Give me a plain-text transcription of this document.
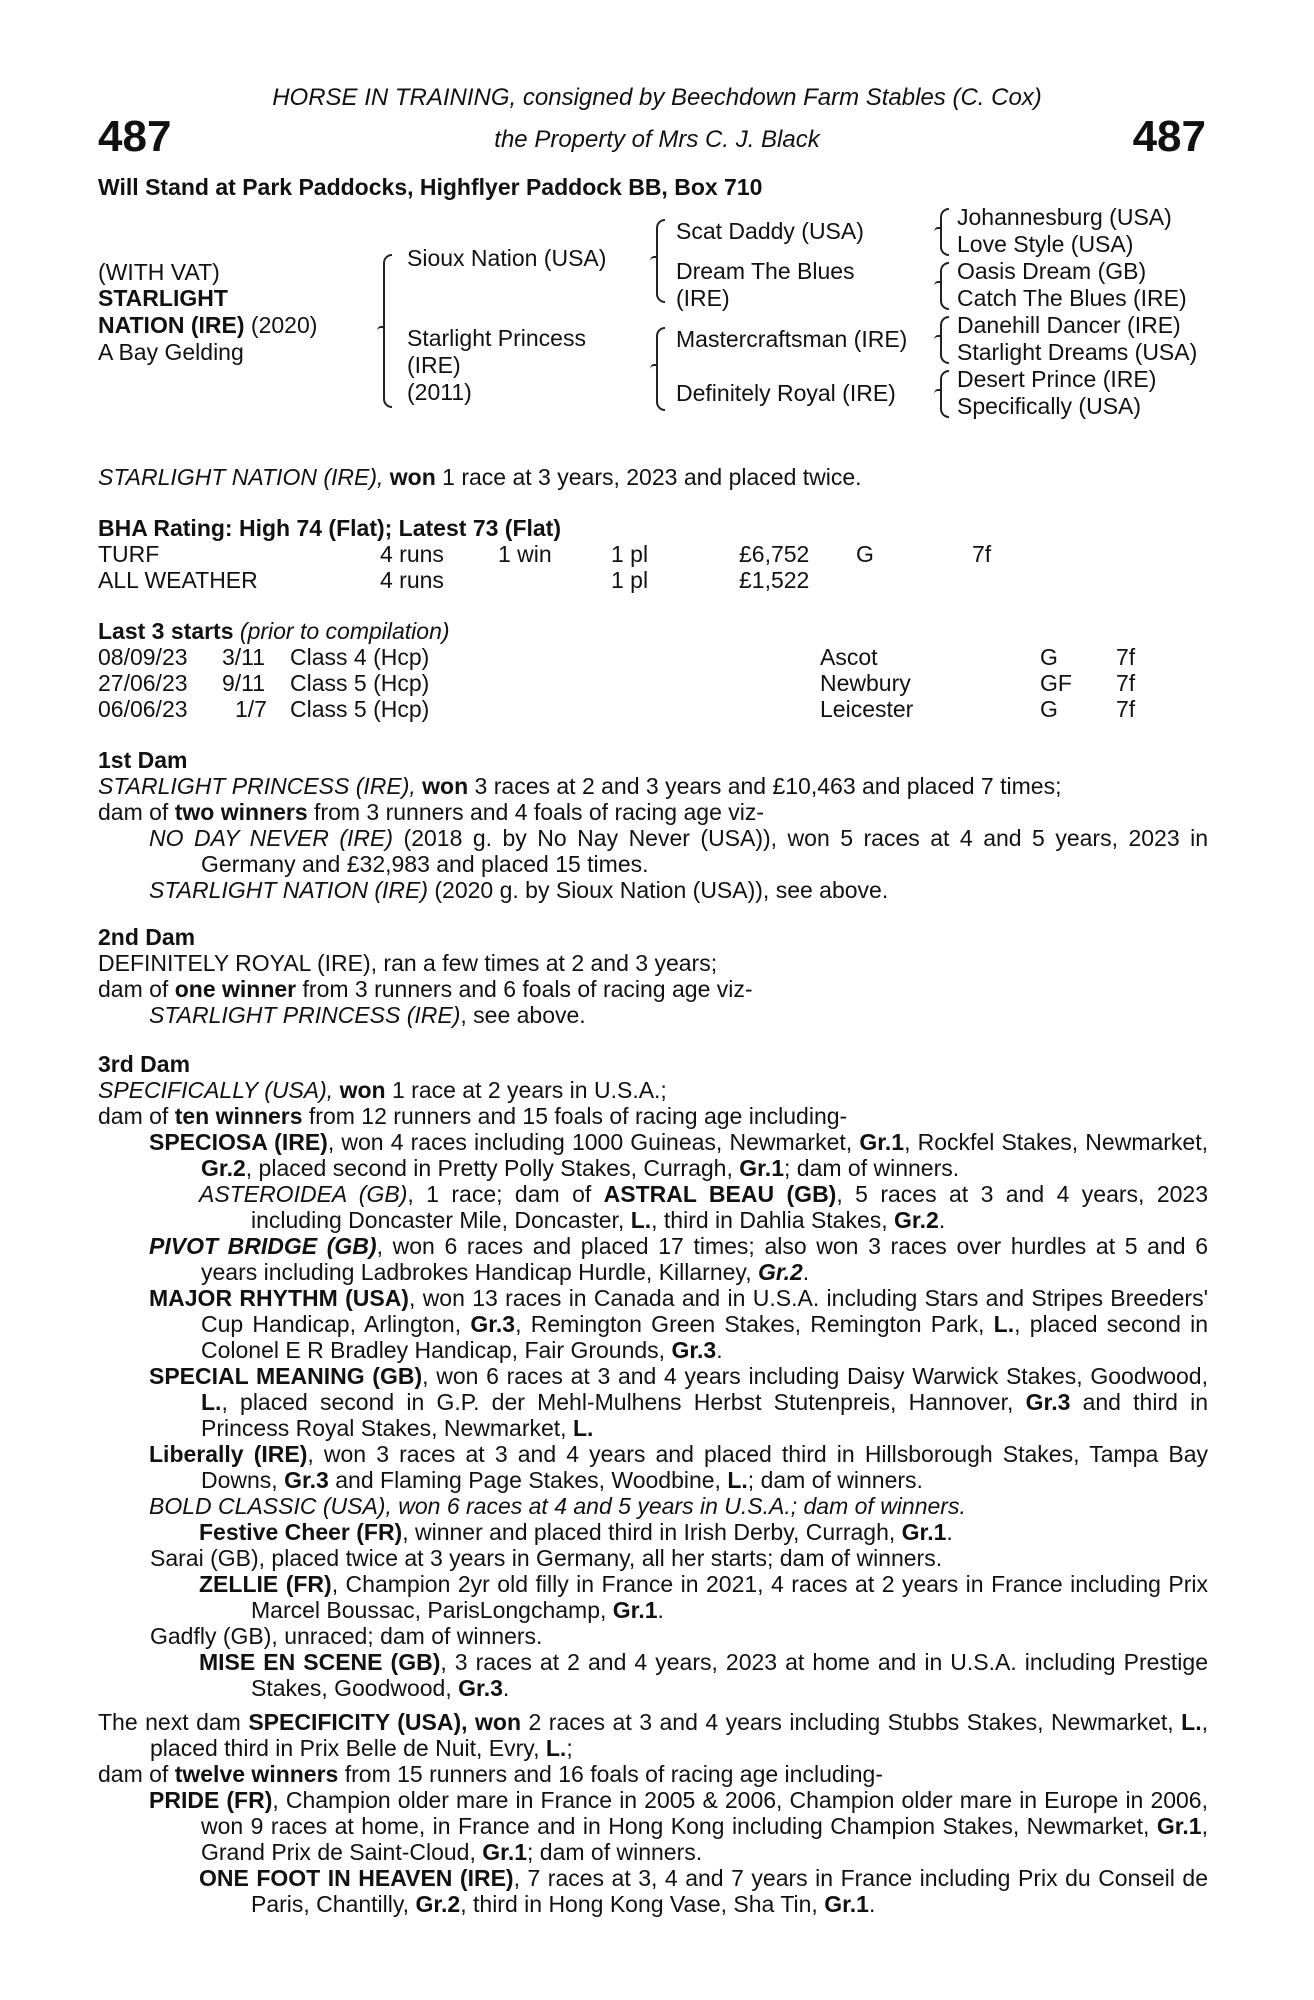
487	487
HORSE IN TRAINING, consigned by Beechdown Farm Stables (C. Cox)
the Property of Mrs C. J. Black
Will Stand at Park Paddocks, Highflyer Paddock BB, Box 710
(WITH VAT)
STARLIGHT
NATION (IRE) (2020)
A Bay Gelding
Sioux Nation (USA)
Starlight Princess
(IRE)
(2011)
Scat Daddy (USA)
Dream The Blues
(IRE)
Mastercraftsman (IRE)
Definitely Royal (IRE)
Johannesburg (USA)
Love Style (USA)
Oasis Dream (GB)
Catch The Blues (IRE)
Danehill Dancer (IRE)
Starlight Dreams (USA)
Desert Prince (IRE)
Specifically (USA)
STARLIGHT NATION (IRE), won 1 race at 3 years, 2023 and placed twice.
BHA Rating: High 74 (Flat); Latest 73 (Flat)
TURF	4 runs 1 win	1 pl	£6,752 G	7f
ALL WEATHER	4 runs	1 pl	£1,522
Last 3 starts (prior to compilation)
08/09/23 3/11 Class 4 (Hcp)	Ascot	G	7f
27/06/23 9/11 Class 5 (Hcp)	Newbury	GF 7f
06/06/23 1/7 Class 5 (Hcp)	Leicester	G	7f

1st Dam

STARLIGHT PRINCESS (IRE), won 3 races at 2 and 3 years and £10,463 and placed 7 times;

dam of two winners from 3 runners and 4 foals of racing age viz-

NO DAY NEVER (IRE) (2018 g. by No Nay Never (USA)), won 5 races at 4 and 5 years, 2023 in Germany and £32,983 and placed 15 times.

STARLIGHT NATION (IRE) (2020 g. by Sioux Nation (USA)), see above.

2nd Dam

DEFINITELY ROYAL (IRE), ran a few times at 2 and 3 years;

dam of one winner from 3 runners and 6 foals of racing age viz-

STARLIGHT PRINCESS (IRE), see above.

3rd Dam

SPECIFICALLY (USA), won 1 race at 2 years in U.S.A.;

dam of ten winners from 12 runners and 15 foals of racing age including-

SPECIOSA (IRE), won 4 races including 1000 Guineas, Newmarket, Gr.1, Rockfel Stakes, Newmarket, Gr.2, placed second in Pretty Polly Stakes, Curragh, Gr.1; dam of winners.

ASTEROIDEA (GB), 1 race; dam of ASTRAL BEAU (GB), 5 races at 3 and 4 years, 2023 including Doncaster Mile, Doncaster, L., third in Dahlia Stakes, Gr.2.

PIVOT BRIDGE (GB), won 6 races and placed 17 times; also won 3 races over hurdles at 5 and 6 years including Ladbrokes Handicap Hurdle, Killarney, Gr.2.

MAJOR RHYTHM (USA), won 13 races in Canada and in U.S.A. including Stars and Stripes Breeders' Cup Handicap, Arlington, Gr.3, Remington Green Stakes, Remington Park, L., placed second in Colonel E R Bradley Handicap, Fair Grounds, Gr.3.

SPECIAL MEANING (GB), won 6 races at 3 and 4 years including Daisy Warwick Stakes, Goodwood, L., placed second in G.P. der Mehl-Mulhens Herbst Stutenpreis, Hannover, Gr.3 and third in Princess Royal Stakes, Newmarket, L.

Liberally (IRE), won 3 races at 3 and 4 years and placed third in Hillsborough Stakes, Tampa Bay Downs, Gr.3 and Flaming Page Stakes, Woodbine, L.; dam of winners.

BOLD CLASSIC (USA), won 6 races at 4 and 5 years in U.S.A.; dam of winners.

Festive Cheer (FR), winner and placed third in Irish Derby, Curragh, Gr.1.

Sarai (GB), placed twice at 3 years in Germany, all her starts; dam of winners.

ZELLIE (FR), Champion 2yr old filly in France in 2021, 4 races at 2 years in France including Prix Marcel Boussac, ParisLongchamp, Gr.1.

Gadfly (GB), unraced; dam of winners.

MISE EN SCENE (GB), 3 races at 2 and 4 years, 2023 at home and in U.S.A. including Prestige Stakes, Goodwood, Gr.3.

The next dam SPECIFICITY (USA), won 2 races at 3 and 4 years including Stubbs Stakes, Newmarket, L., placed third in Prix Belle de Nuit, Evry, L.;

dam of twelve winners from 15 runners and 16 foals of racing age including-

PRIDE (FR), Champion older mare in France in 2005 & 2006, Champion older mare in Europe in 2006, won 9 races at home, in France and in Hong Kong including Champion Stakes, Newmarket, Gr.1, Grand Prix de Saint-Cloud, Gr.1; dam of winners.

ONE FOOT IN HEAVEN (IRE), 7 races at 3, 4 and 7 years in France including Prix du Conseil de Paris, Chantilly, Gr.2, third in Hong Kong Vase, Sha Tin, Gr.1.
